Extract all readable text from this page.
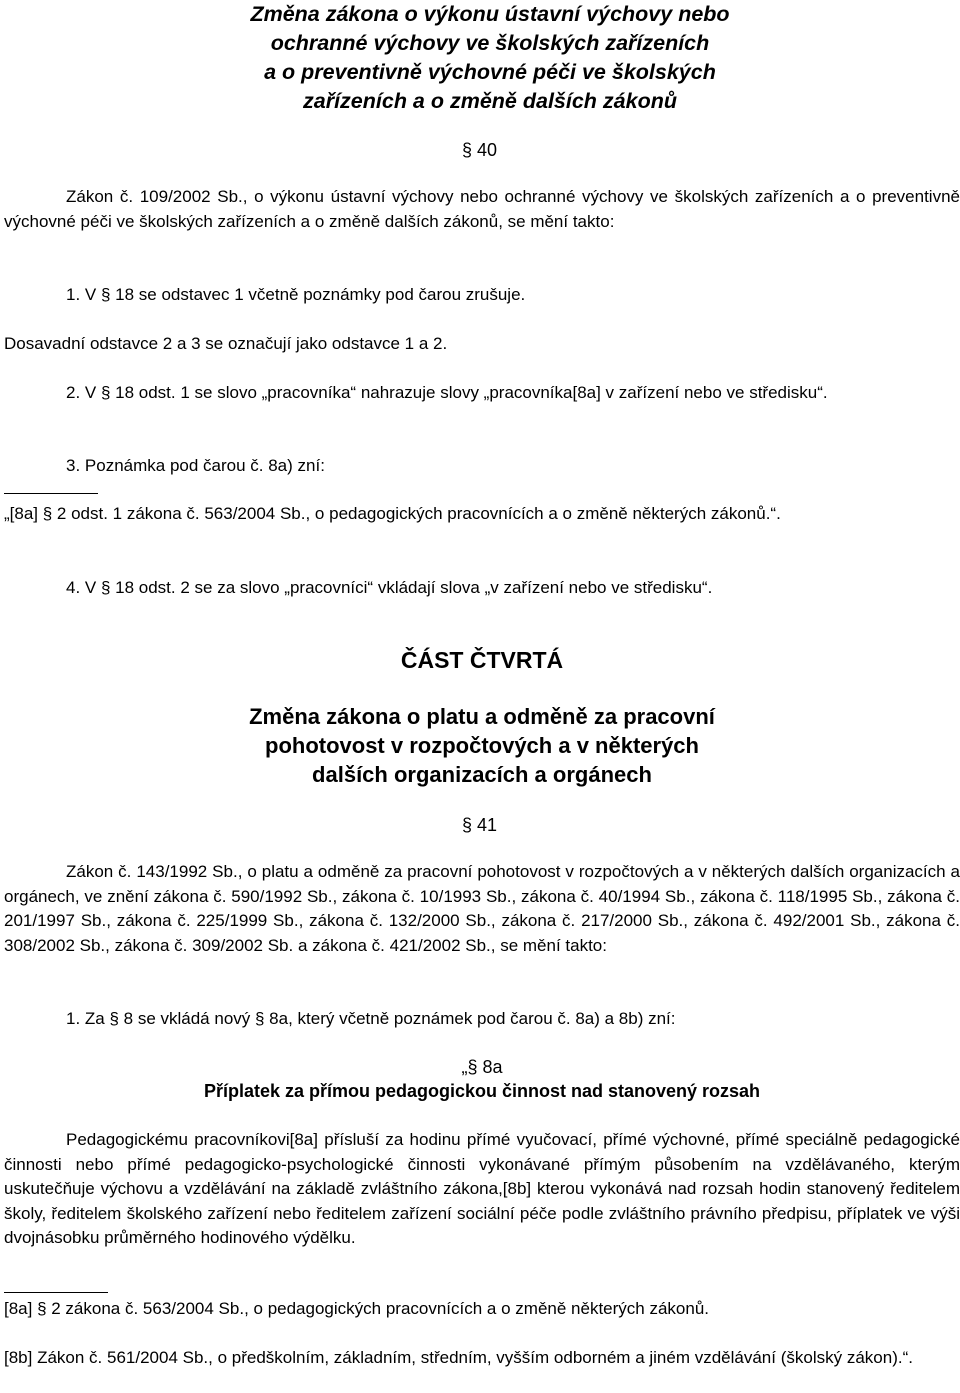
Změna zákona o výkonu ústavní výchovy nebo
ochranné výchovy ve školských zařízeních
a o preventivně výchovné péči ve školských
zařízeních a o změně dalších zákonů
§ 40
Zákon č. 109/2002 Sb., o výkonu ústavní výchovy nebo ochranné výchovy ve školských zařízeních a o preventivně výchovné péči ve školských zařízeních a o změně dalších zákonů, se mění takto:
1. V § 18 se odstavec 1 včetně poznámky pod čarou zrušuje.
Dosavadní odstavce 2 a 3 se označují jako odstavce 1 a 2.
2. V § 18 odst. 1 se slovo „pracovníka“ nahrazuje slovy „pracovníka[8a] v zařízení nebo ve středisku“.
3. Poznámka pod čarou č. 8a) zní:
„[8a] § 2 odst. 1 zákona č. 563/2004 Sb., o pedagogických pracovnících a o změně některých zákonů.“.
4. V § 18 odst. 2 se za slovo „pracovníci“ vkládají slova „v zařízení nebo ve středisku“.
ČÁST ČTVRTÁ
Změna zákona o platu a odměně za pracovní
pohotovost v rozpočtových a v některých
dalších organizacích a orgánech
§ 41
Zákon č. 143/1992 Sb., o platu a odměně za pracovní pohotovost v rozpočtových a v některých dalších organizacích a orgánech, ve znění zákona č. 590/1992 Sb., zákona č. 10/1993 Sb., zákona č. 40/1994 Sb., zákona č. 118/1995 Sb., zákona č. 201/1997 Sb., zákona č. 225/1999 Sb., zákona č. 132/2000 Sb., zákona č. 217/2000 Sb., zákona č. 492/2001 Sb., zákona č. 308/2002 Sb., zákona č. 309/2002 Sb. a zákona č. 421/2002 Sb., se mění takto:
1. Za § 8 se vkládá nový § 8a, který včetně poznámek pod čarou č. 8a) a 8b) zní:
„§ 8a
Příplatek za přímou pedagogickou činnost nad stanovený rozsah
Pedagogickému pracovníkovi[8a] přísluší za hodinu přímé vyučovací, přímé výchovné, přímé speciálně pedagogické činnosti nebo přímé pedagogicko-psychologické činnosti vykonávané přímým působením na vzdělávaného, kterým uskutečňuje výchovu a vzdělávání na základě zvláštního zákona,[8b] kterou vykonává nad rozsah hodin stanovený ředitelem školy, ředitelem školského zařízení nebo ředitelem zařízení sociální péče podle zvláštního právního předpisu, příplatek ve výši dvojnásobku průměrného hodinového výdělku.
[8a] § 2 zákona č. 563/2004 Sb., o pedagogických pracovnících a o změně některých zákonů.
[8b] Zákon č. 561/2004 Sb., o předškolním, základním, středním, vyšším odborném a jiném vzdělávání (školský zákon).“.
